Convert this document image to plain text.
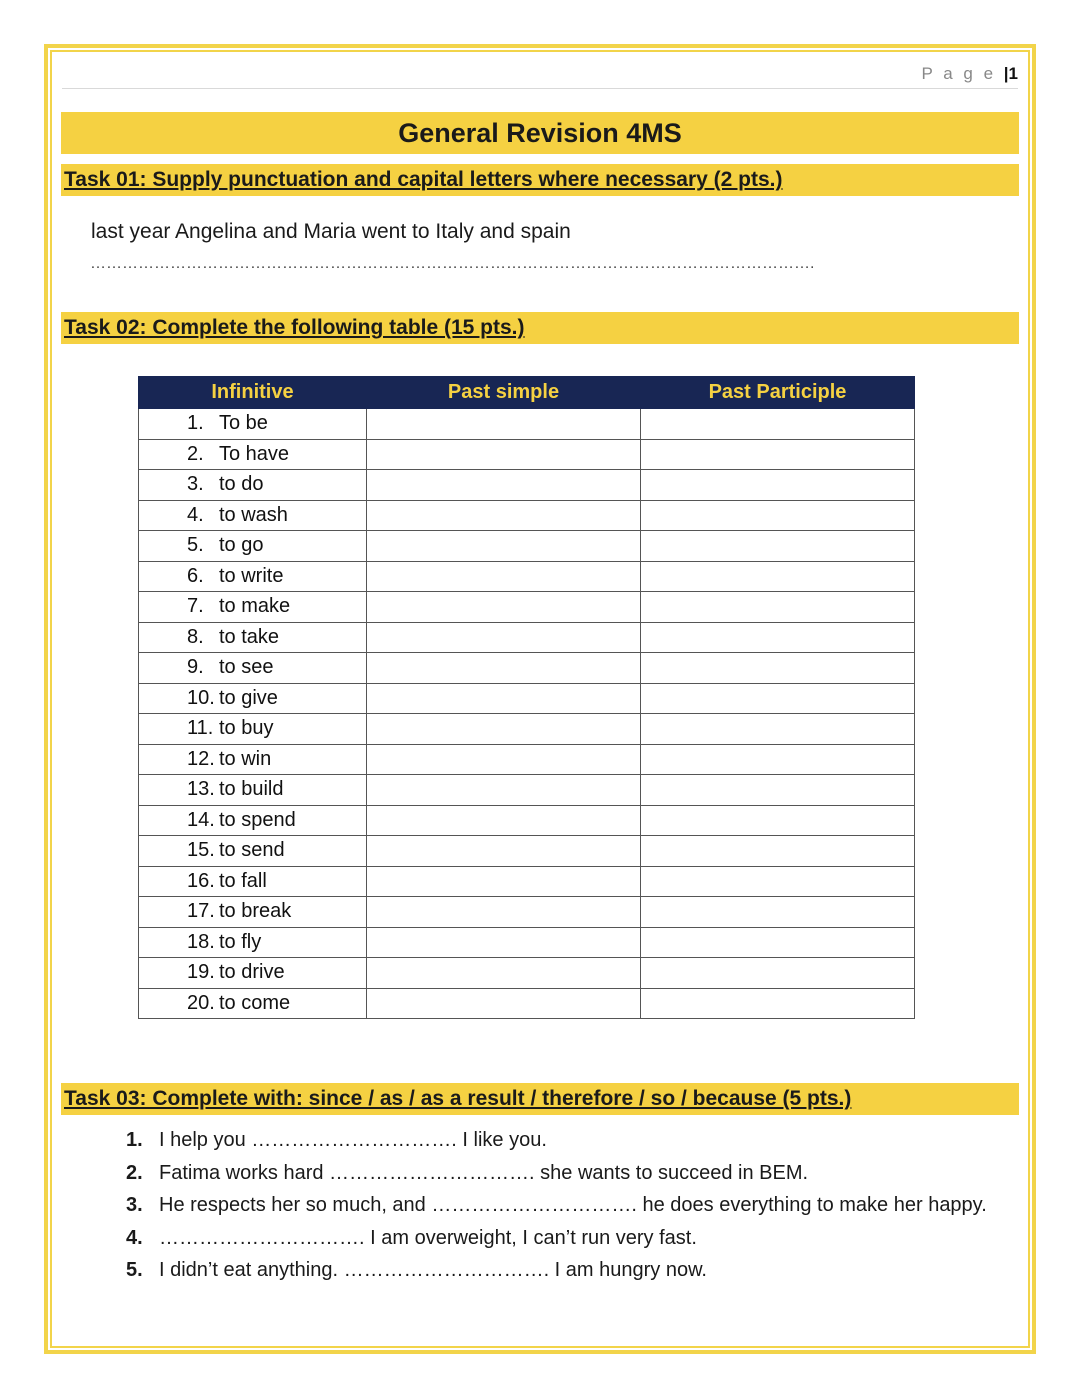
P a g e |1
General Revision 4MS
Task 01: Supply punctuation and capital letters where necessary (2 pts.)
last year Angelina and Maria went to Italy and spain
……………………………………………………………………………………………………………………….
Task 02: Complete the following table (15 pts.)
Infinitive	Past simple	Past Participle
1. To be		
2. To have		
3. to do		
4. to wash		
5. to go		
6. to write		
7. to make		
8. to take		
9. to see		
10. to give		
11. to buy		
12. to win		
13. to build		
14. to spend		
15. to send		
16. to fall		
17. to break		
18. to fly		
19. to drive		
20. to come		
Task 03: Complete with: since / as / as a result / therefore / so / because (5 pts.)
1. I help you …………………………. I like you.
2. Fatima works hard …………………………. she wants to succeed in BEM.
3. He respects her so much, and …………………………. he does everything to make her happy.
4. …………………………. I am overweight, I can’t run very fast.
5. I didn’t eat anything. …………………………. I am hungry now.
